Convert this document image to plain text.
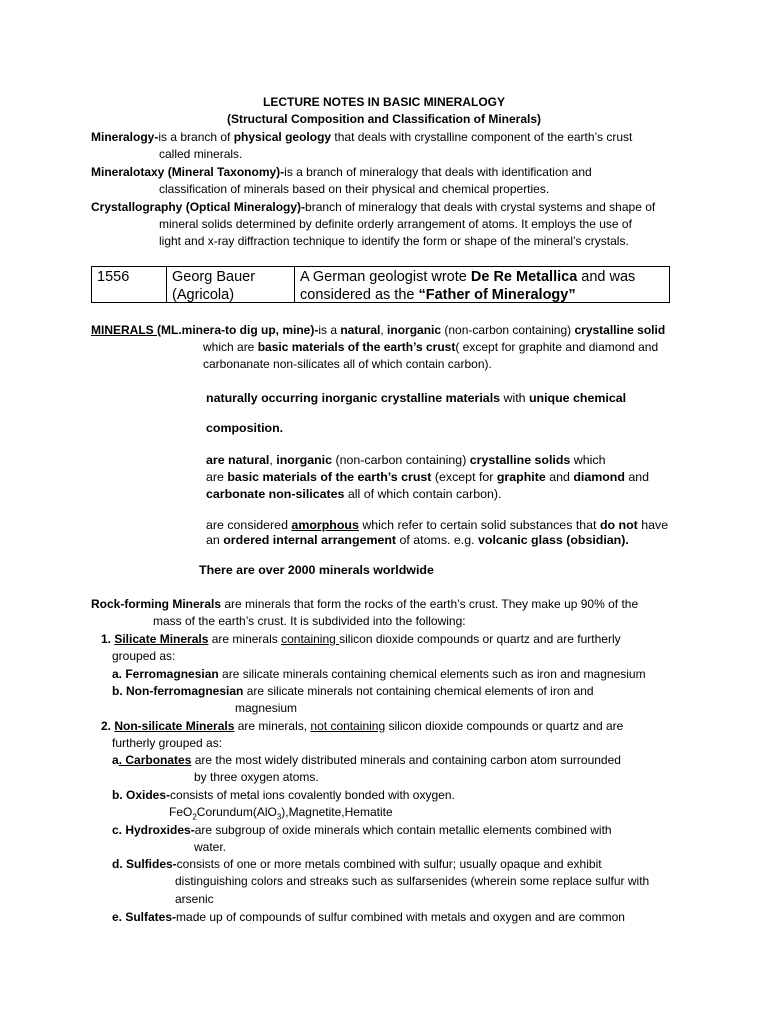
LECTURE NOTES IN BASIC MINERALOGY
(Structural Composition and Classification of Minerals)
Mineralogy-is a branch of physical geology that deals with crystalline component of the earth’s crust
called minerals.
Mineralotaxy (Mineral Taxonomy)-is a branch of mineralogy that deals with identification and
classification of minerals based on their physical and chemical properties.
Crystallography (Optical Mineralogy)-branch of mineralogy that deals with crystal systems and shape of
mineral solids determined by definite orderly arrangement of atoms. It employs the use of
light and x-ray diffraction technique to identify the form or shape of the mineral’s crystals.
1556	Georg Bauer
(Agricola)
A German geologist wrote De Re Metallica and was
considered as the “Father of Mineralogy”
MINERALS (ML.minera-to dig up, mine)-is a natural, inorganic (non-carbon containing) crystalline solid
which are basic materials of the earth’s crust( except for graphite and diamond and
carbonanate non-silicates all of which contain carbon).
naturally occurring inorganic crystalline materials with unique chemical
composition.
are natural, inorganic (non-carbon containing) crystalline solids which
are basic materials of the earth’s crust (except for graphite and diamond and
carbonate non-silicates all of which contain carbon).
are considered amorphous which refer to certain solid substances that do not have
an ordered internal arrangement of atoms. e.g. volcanic glass (obsidian).
There are over 2000 minerals worldwide
Rock-forming Minerals are minerals that form the rocks of the earth’s crust. They make up 90% of the
mass of the earth’s crust. It is subdivided into the following:
1. Silicate Minerals are minerals containing silicon dioxide compounds or quartz and are furtherly
grouped as:
a. Ferromagnesian are silicate minerals containing chemical elements such as iron and magnesium
b. Non-ferromagnesian are silicate minerals not containing chemical elements of iron and
magnesium
2. Non-silicate Minerals are minerals, not containing silicon dioxide compounds or quartz and are
furtherly grouped as:
a. Carbonates are the most widely distributed minerals and containing carbon atom surrounded
by three oxygen atoms.
b. Oxides-consists of metal ions covalently bonded with oxygen.
FeO$_2$Corundum(AlO$_3$),Magnetite,Hematite
c. Hydroxides-are subgroup of oxide minerals which contain metallic elements combined with
water.
d. Sulfides-consists of one or more metals combined with sulfur; usually opaque and exhibit
distinguishing colors and streaks such as sulfarsenides (wherein some replace sulfur with
arsenic
e. Sulfates-made up of compounds of sulfur combined with metals and oxygen and are common
